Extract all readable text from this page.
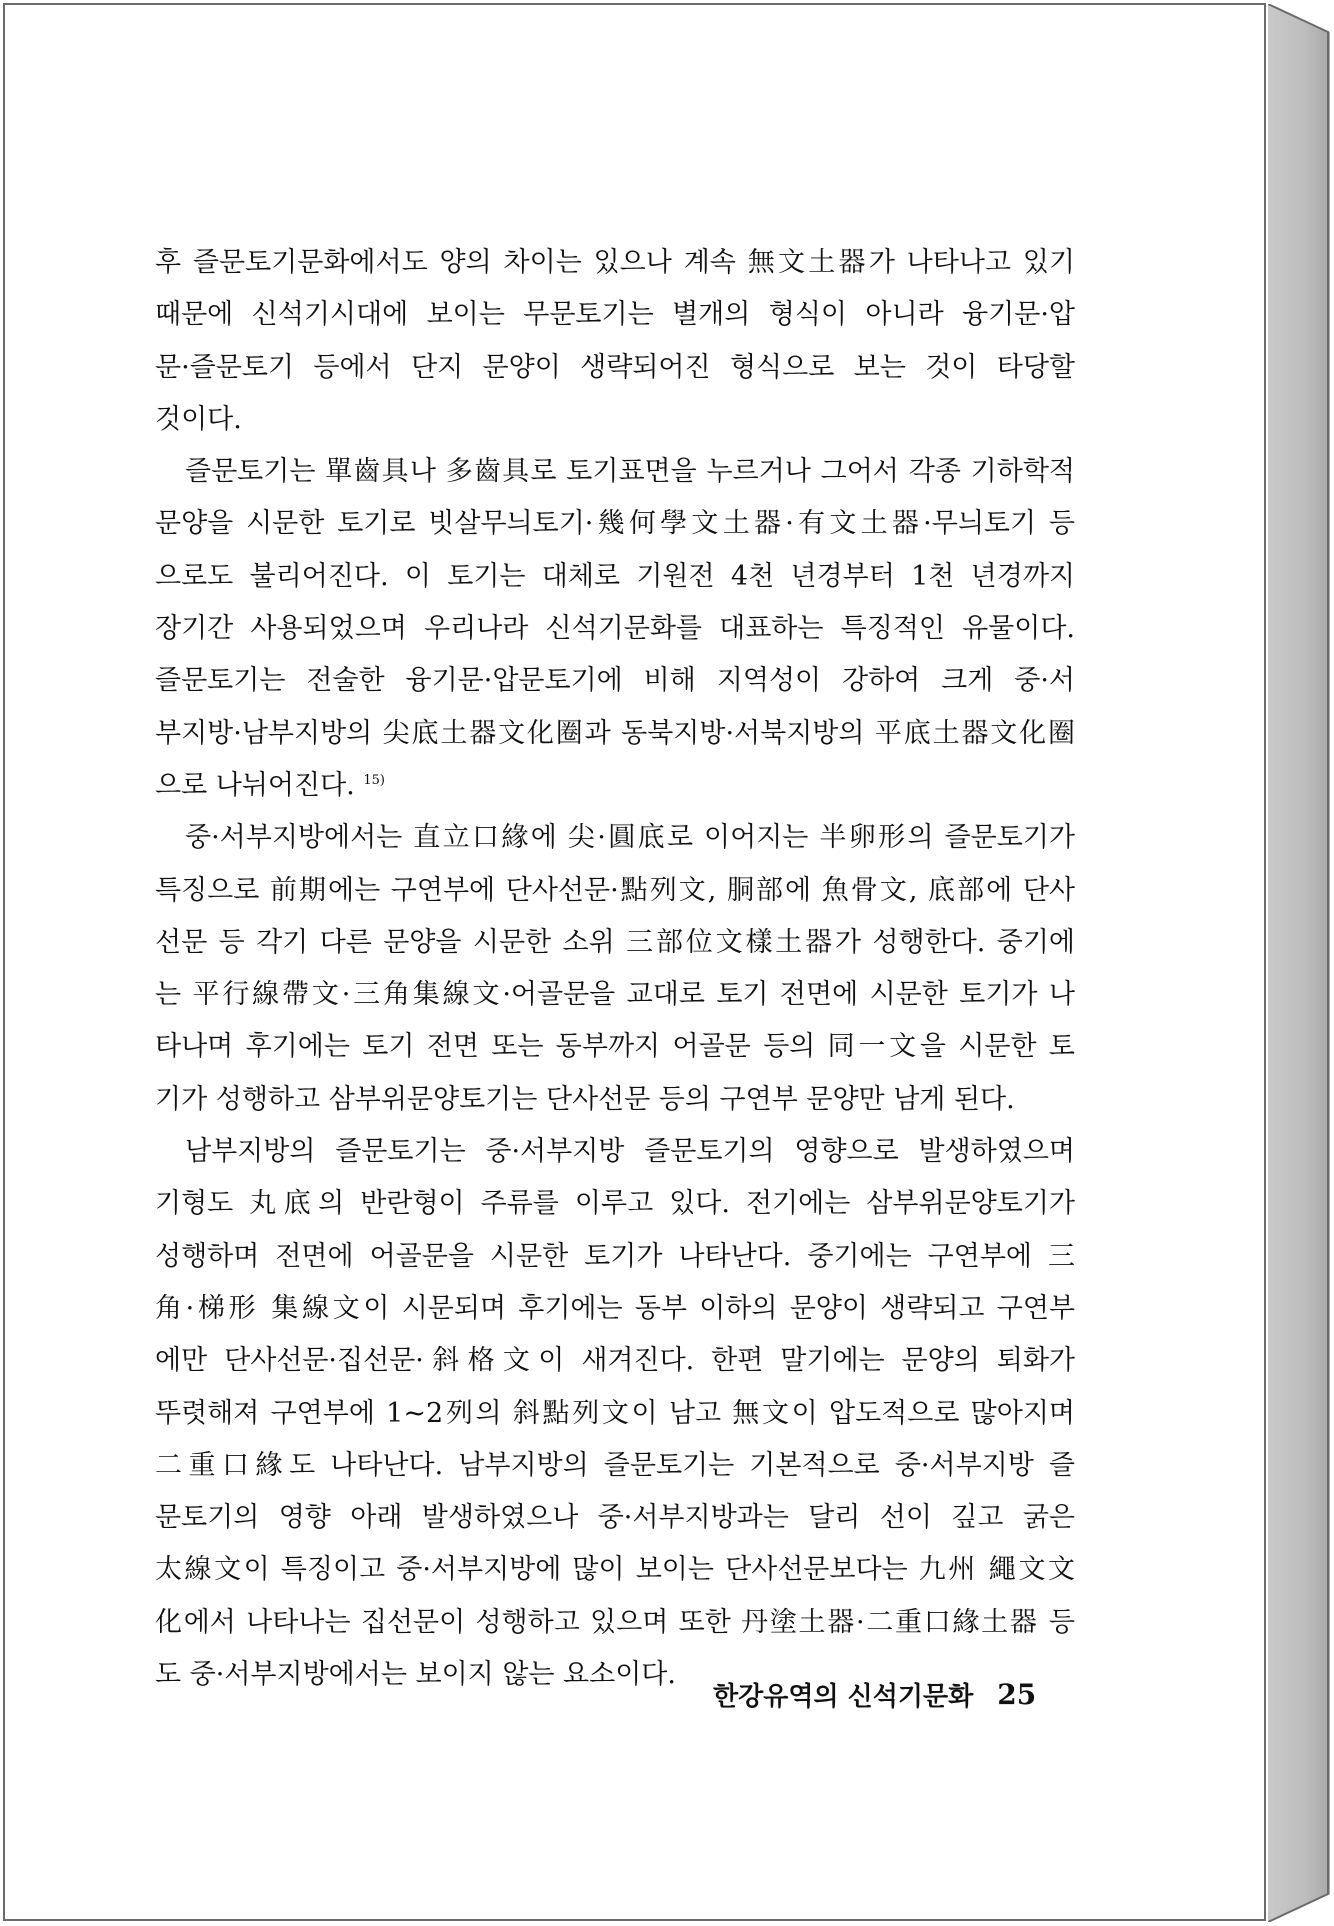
후 즐문토기문화에서도 양의 차이는 있으나 계속 無文土器가 나타나고 있기
때문에 신석기시대에 보이는 무문토기는 별개의 형식이 아니라 융기문·압
문·즐문토기 등에서 단지 문양이 생략되어진 형식으로 보는 것이 타당할
것이다.
즐문토기는 單齒具나 多齒具로 토기표면을 누르거나 그어서 각종 기하학적
문양을 시문한 토기로 빗살무늬토기·幾何學文土器·有文土器·무늬토기 등
으로도 불리어진다. 이 토기는 대체로 기원전 4천 년경부터 1천 년경까지
장기간 사용되었으며 우리나라 신석기문화를 대표하는 특징적인 유물이다.
즐문토기는 전술한 융기문·압문토기에 비해 지역성이 강하여 크게 중·서
부지방·남부지방의 尖底土器文化圈과 동북지방·서북지방의 平底土器文化圈
으로 나뉘어진다. $^{15)}$
중·서부지방에서는 直立口緣에 尖·圓底로 이어지는 半卵形의 즐문토기가
특징으로 前期에는 구연부에 단사선문·點列文, 胴部에 魚骨文, 底部에 단사
선문 등 각기 다른 문양을 시문한 소위 三部位文樣土器가 성행한다. 중기에
는 平行線帶文·三角集線文·어골문을 교대로 토기 전면에 시문한 토기가 나
타나며 후기에는 토기 전면 또는 동부까지 어골문 등의 同一文을 시문한 토
기가 성행하고 삼부위문양토기는 단사선문 등의 구연부 문양만 남게 된다.
남부지방의 즐문토기는 중·서부지방 즐문토기의 영향으로 발생하였으며
기형도 丸底의 반란형이 주류를 이루고 있다. 전기에는 삼부위문양토기가
성행하며 전면에 어골문을 시문한 토기가 나타난다. 중기에는 구연부에 三
角·梯形 集線文이 시문되며 후기에는 동부 이하의 문양이 생략되고 구연부
에만 단사선문·집선문·斜格文이 새겨진다. 한편 말기에는 문양의 퇴화가
뚜렷해져 구연부에 1~2列의 斜點列文이 남고 無文이 압도적으로 많아지며
二重口緣도 나타난다. 남부지방의 즐문토기는 기본적으로 중·서부지방 즐
문토기의 영향 아래 발생하였으나 중·서부지방과는 달리 선이 깊고 굵은
太線文이 특징이고 중·서부지방에 많이 보이는 단사선문보다는 九州 繩文文
化에서 나타나는 집선문이 성행하고 있으며 또한 丹塗土器·二重口緣土器 등
도 중·서부지방에서는 보이지 않는 요소이다.
한강유역의 신석기문화 25
